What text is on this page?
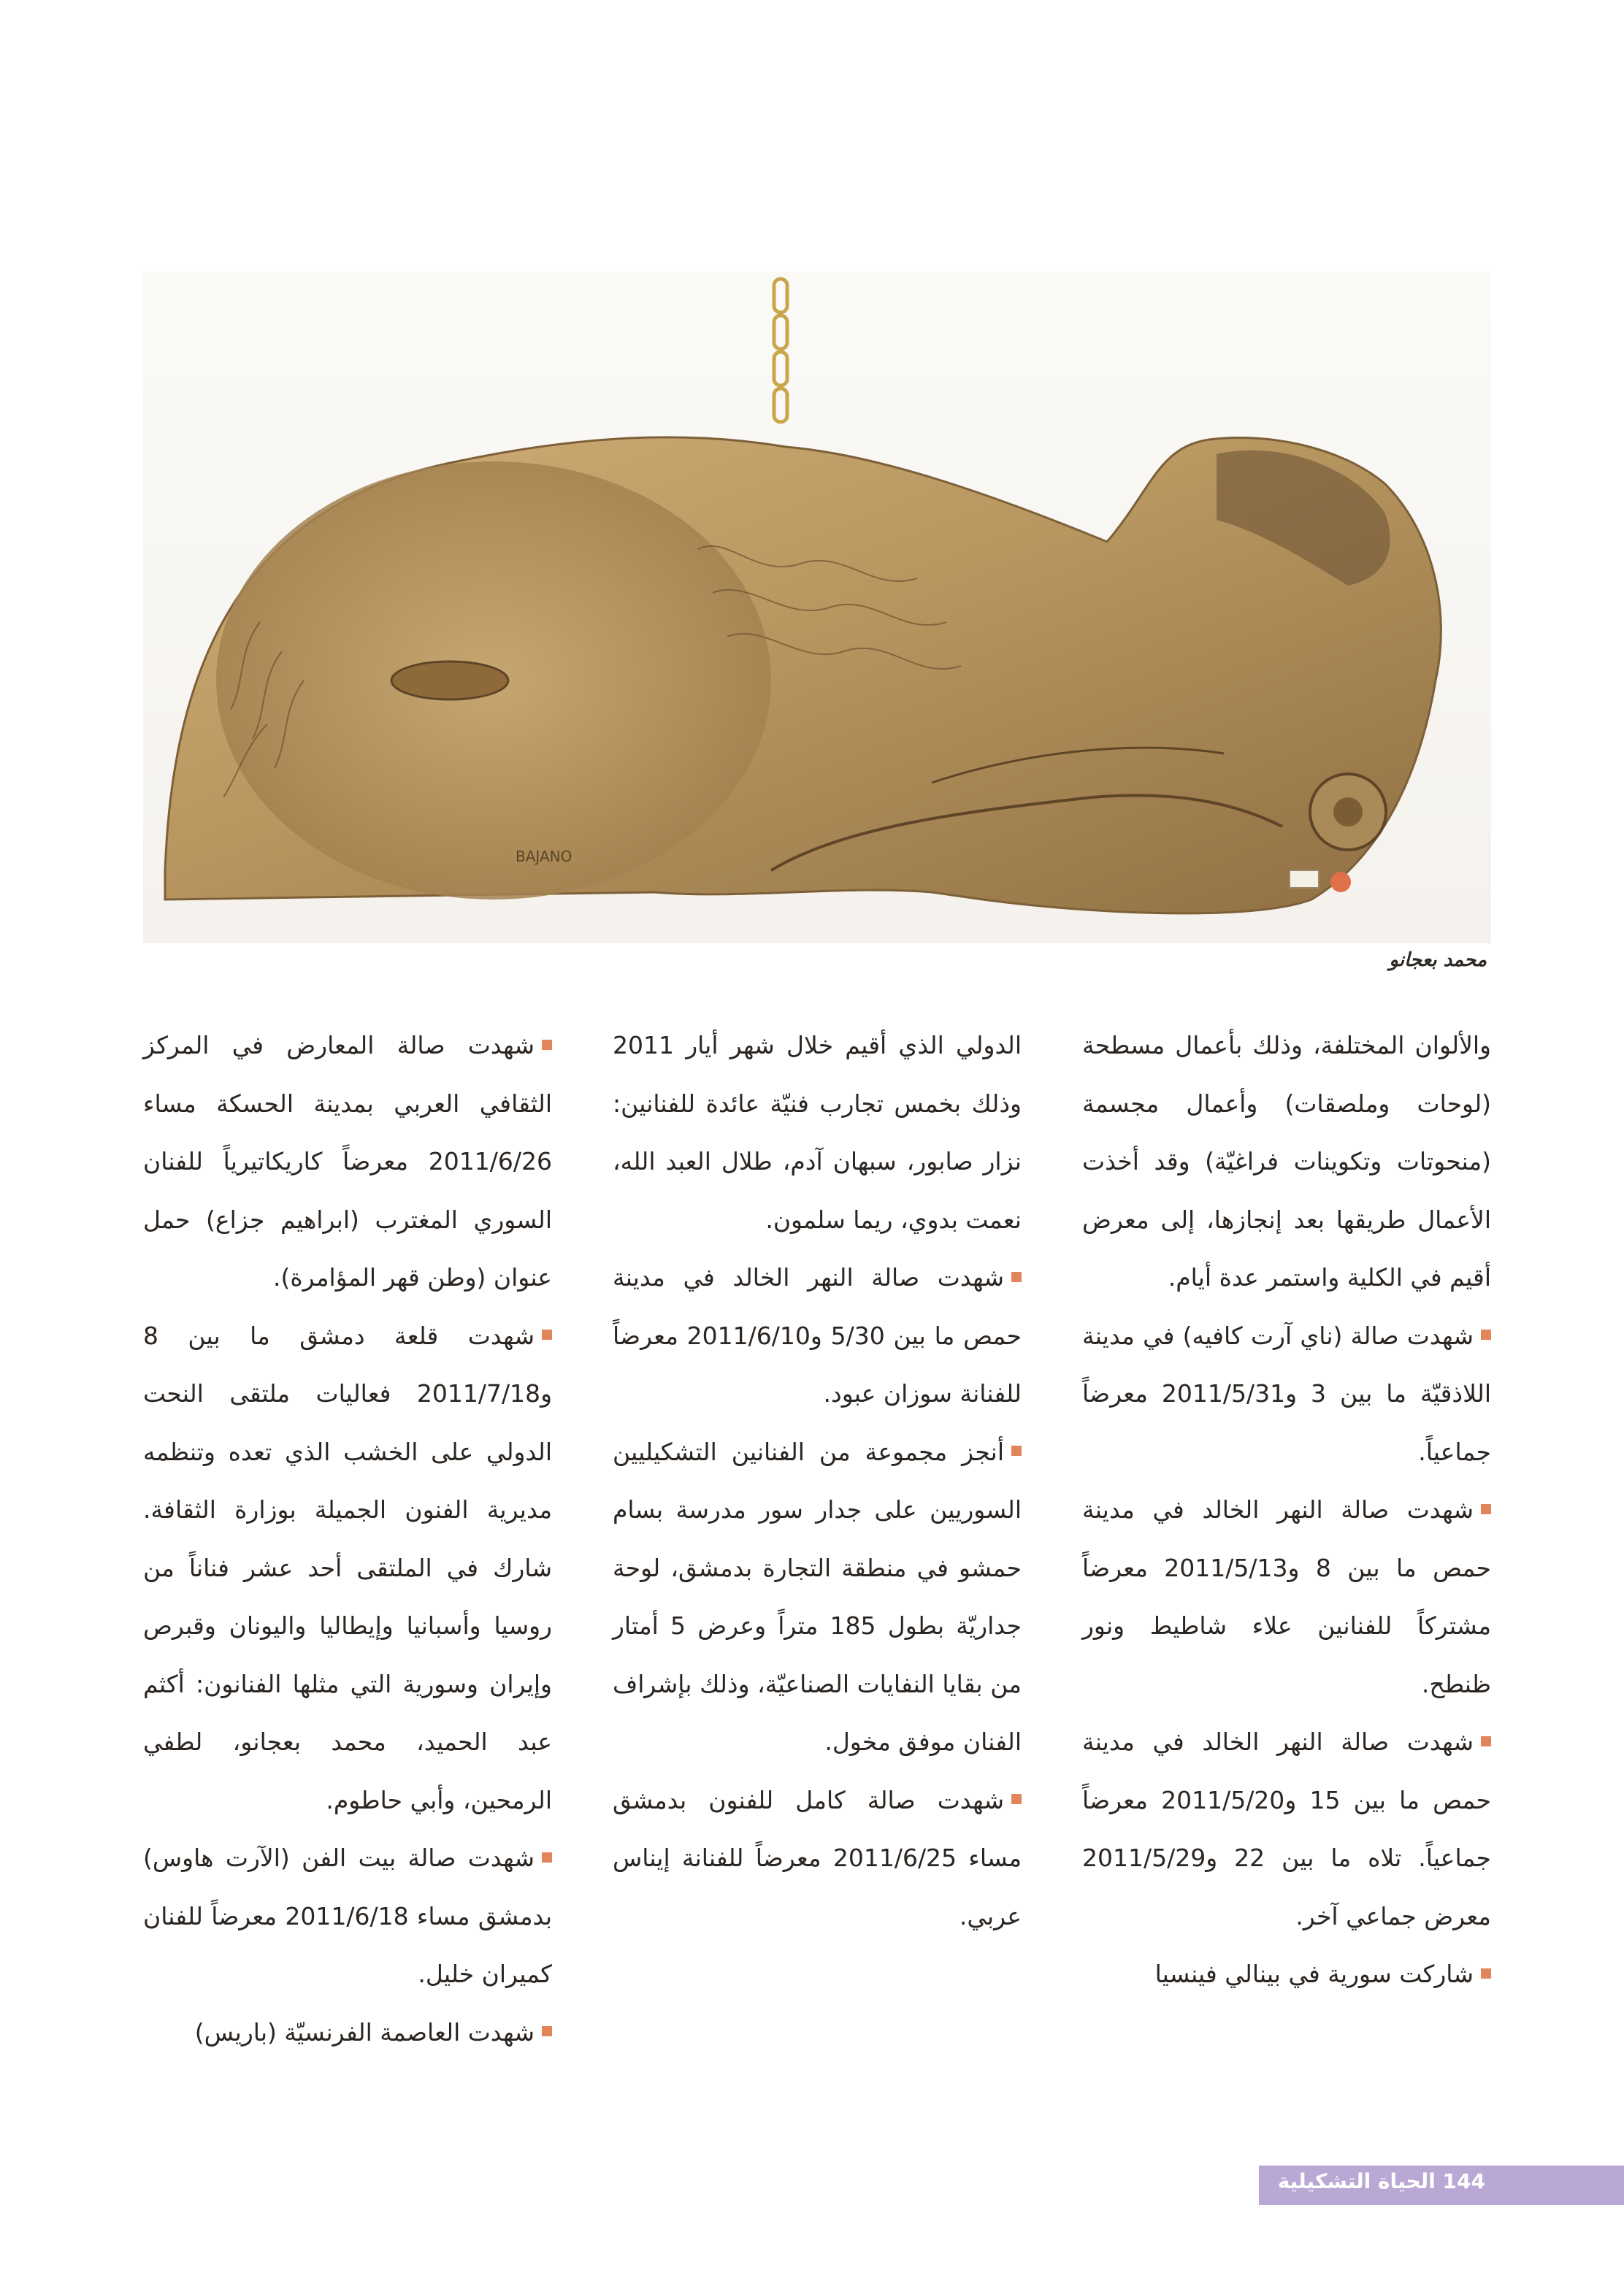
BAJANO
محمد بعجانو

والألوان المختلفة، وذلك بأعمال مسطحة (لوحات وملصقات) وأعمال مجسمة (منحوتات وتكوينات فراغيّة) وقد أخذت الأعمال طريقها بعد إنجازها، إلى معرض أقيم في الكلية واستمر عدة أيام.

شهدت صالة (ناي آرت كافيه) في مدينة اللاذقيّة ما بين 3 و2011/5/31 معرضاً جماعياً.

شهدت صالة النهر الخالد في مدينة حمص ما بين 8 و2011/5/13 معرضاً مشتركاً للفنانين علاء شاطيط ونور ظنطح.

شهدت صالة النهر الخالد في مدينة حمص ما بين 15 و2011/5/20 معرضاً جماعياً. تلاه ما بين 22 و2011/5/29 معرض جماعي آخر.

شاركت سورية في بينالي فينسيا

الدولي الذي أقيم خلال شهر أيار 2011 وذلك بخمس تجارب فنيّة عائدة للفنانين: نزار صابور، سبهان آدم، طلال العبد الله، نعمت بدوي، ريما سلمون.

شهدت صالة النهر الخالد في مدينة حمص ما بين 5/30 و2011/6/10 معرضاً للفنانة سوزان عبود.

أنجز مجموعة من الفنانين التشكيليين السوريين على جدار سور مدرسة بسام حمشو في منطقة التجارة بدمشق، لوحة جداريّة بطول 185 متراً وعرض 5 أمتار من بقايا النفايات الصناعيّة، وذلك بإشراف الفنان موفق مخول.

شهدت صالة كامل للفنون بدمشق مساء 2011/6/25 معرضاً للفنانة إيناس عربي.

شهدت صالة المعارض في المركز الثقافي العربي بمدينة الحسكة مساء 2011/6/26 معرضاً كاريكاتيرياً للفنان السوري المغترب (ابراهيم جزاع) حمل عنوان (وطن قهر المؤامرة).

شهدت قلعة دمشق ما بين 8 و2011/7/18 فعاليات ملتقى النحت الدولي على الخشب الذي تعده وتنظمه مديرية الفنون الجميلة بوزارة الثقافة. شارك في الملتقى أحد عشر فناناً من روسيا وأسبانيا وإيطاليا واليونان وقبرص وإيران وسورية التي مثلها الفنانون: أكثم عبد الحميد، محمد بعجانو، لطفي الرمحين، وأبي حاطوم.

شهدت صالة بيت الفن (الآرت هاوس) بدمشق مساء 2011/6/18 معرضاً للفنان كميران خليل.

شهدت العاصمة الفرنسيّة (باريس)

144 الحياة التشكيلية
